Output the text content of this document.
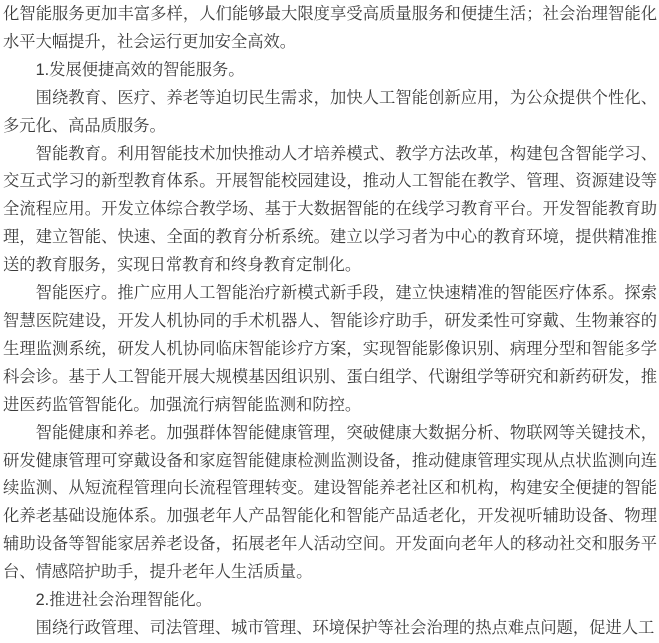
化智能服务更加丰富多样，人们能够最大限度享受高质量服务和便捷生活；社会治理智能化水平大幅提升，社会运行更加安全高效。

1.发展便捷高效的智能服务。

围绕教育、医疗、养老等迫切民生需求，加快人工智能创新应用，为公众提供个性化、多元化、高品质服务。

智能教育。利用智能技术加快推动人才培养模式、教学方法改革，构建包含智能学习、交互式学习的新型教育体系。开展智能校园建设，推动人工智能在教学、管理、资源建设等全流程应用。开发立体综合教学场、基于大数据智能的在线学习教育平台。开发智能教育助理，建立智能、快速、全面的教育分析系统。建立以学习者为中心的教育环境，提供精准推送的教育服务，实现日常教育和终身教育定制化。

智能医疗。推广应用人工智能治疗新模式新手段，建立快速精准的智能医疗体系。探索智慧医院建设，开发人机协同的手术机器人、智能诊疗助手，研发柔性可穿戴、生物兼容的生理监测系统，研发人机协同临床智能诊疗方案，实现智能影像识别、病理分型和智能多学科会诊。基于人工智能开展大规模基因组识别、蛋白组学、代谢组学等研究和新药研发，推进医药监管智能化。加强流行病智能监测和防控。

智能健康和养老。加强群体智能健康管理，突破健康大数据分析、物联网等关键技术，研发健康管理可穿戴设备和家庭智能健康检测监测设备，推动健康管理实现从点状监测向连续监测、从短流程管理向长流程管理转变。建设智能养老社区和机构，构建安全便捷的智能化养老基础设施体系。加强老年人产品智能化和智能产品适老化，开发视听辅助设备、物理辅助设备等智能家居养老设备，拓展老年人活动空间。开发面向老年人的移动社交和服务平台、情感陪护助手，提升老年人生活质量。

2.推进社会治理智能化。

围绕行政管理、司法管理、城市管理、环境保护等社会治理的热点难点问题，促进人工
